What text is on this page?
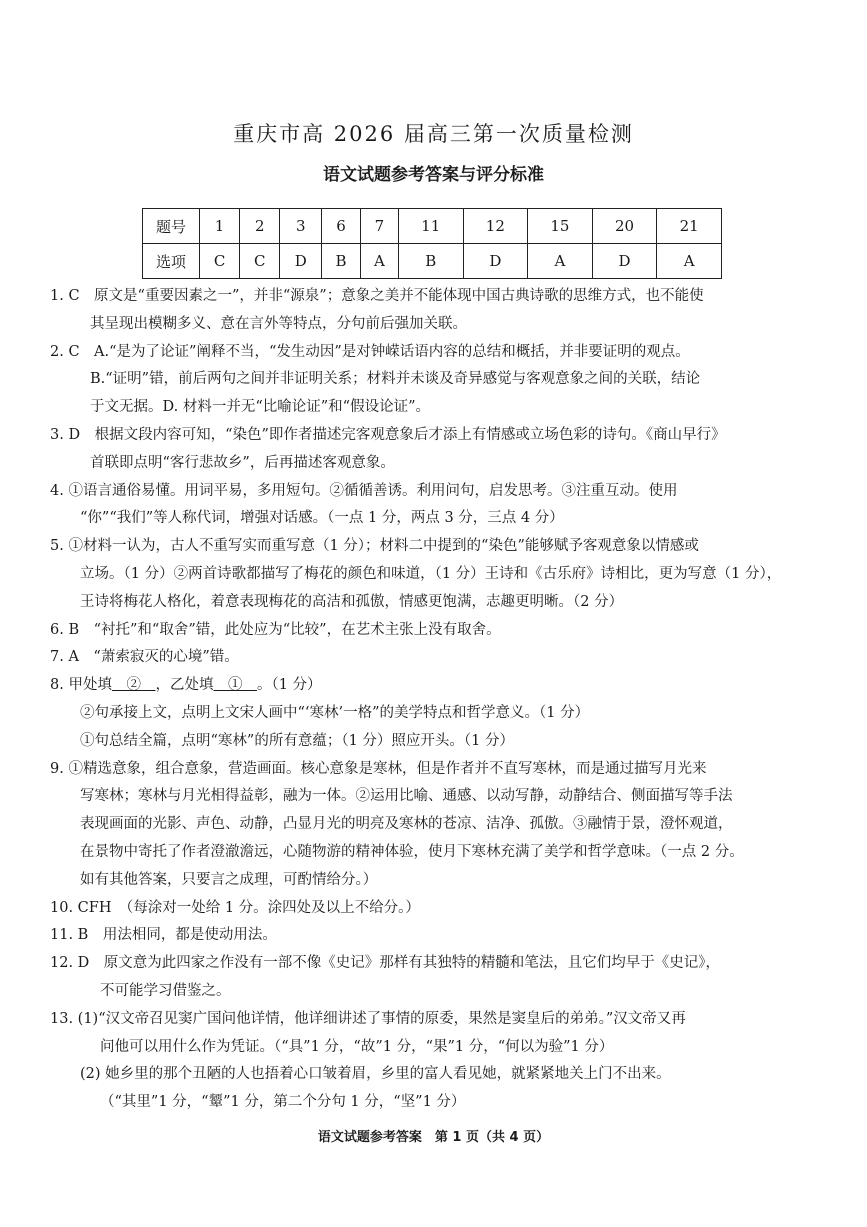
重庆市高 2026 届高三第一次质量检测
语文试题参考答案与评分标准
题号	1	2	3	6	7	11	12	15	20	21
选项	C	C	D	B	A	B	D	A	D	A

1. C　原文是“重要因素之一”，并非“源泉”；意象之美并不能体现中国古典诗歌的思维方式，也不能使

其呈现出模糊多义、意在言外等特点，分句前后强加关联。

2. C　A.“是为了论证”阐释不当，“发生动因”是对钟嵘话语内容的总结和概括，并非要证明的观点。

B.“证明”错，前后两句之间并非证明关系；材料并未谈及奇异感觉与客观意象之间的关联，结论

于文无据。D. 材料一并无“比喻论证”和“假设论证”。

3. D　根据文段内容可知，“染色”即作者描述完客观意象后才添上有情感或立场色彩的诗句。《商山早行》

首联即点明“客行悲故乡”，后再描述客观意象。

4. ①语言通俗易懂。用词平易，多用短句。②循循善诱。利用问句，启发思考。③注重互动。使用

“你”“我们”等人称代词，增强对话感。（一点 1 分，两点 3 分，三点 4 分）

5. ①材料一认为，古人不重写实而重写意（1 分）；材料二中提到的“染色”能够赋予客观意象以情感或

立场。（1 分）②两首诗歌都描写了梅花的颜色和味道，（1 分）王诗和《古乐府》诗相比，更为写意（1 分），

王诗将梅花人格化，着意表现梅花的高洁和孤傲，情感更饱满，志趣更明晰。（2 分）

6. B　“衬托”和“取舍”错，此处应为“比较”，在艺术主张上没有取舍。

7. A　“萧索寂灭的心境”错。

8. 甲处填　②　，乙处填　①　。（1 分）

②句承接上文，点明上文宋人画中“‘寒林’一格”的美学特点和哲学意义。（1 分）

①句总结全篇，点明“寒林”的所有意蕴；（1 分）照应开头。（1 分）

9. ①精选意象，组合意象，营造画面。核心意象是寒林，但是作者并不直写寒林，而是通过描写月光来

写寒林；寒林与月光相得益彰，融为一体。②运用比喻、通感、以动写静，动静结合、侧面描写等手法

表现画面的光影、声色、动静，凸显月光的明亮及寒林的苍凉、洁净、孤傲。③融情于景，澄怀观道，

在景物中寄托了作者澄澈澹远，心随物游的精神体验，使月下寒林充满了美学和哲学意味。（一点 2 分。

如有其他答案，只要言之成理，可酌情给分。）

10. CFH　（每涂对一处给 1 分。涂四处及以上不给分。）

11. B　用法相同，都是使动用法。

12. D　原文意为此四家之作没有一部不像《史记》那样有其独特的精髓和笔法，且它们均早于《史记》，

不可能学习借鉴之。

13. (1)“汉文帝召见窦广国问他详情，他详细讲述了事情的原委，果然是窦皇后的弟弟。”汉文帝又再

问他可以用什么作为凭证。（“具”1 分，“故”1 分，“果”1 分，“何以为验”1 分）

(2) 她乡里的那个丑陋的人也捂着心口皱着眉，乡里的富人看见她，就紧紧地关上门不出来。

（“其里”1 分，“颦”1 分，第二个分句 1 分，“坚”1 分）

语文试题参考答案　第 1 页（共 4 页）
